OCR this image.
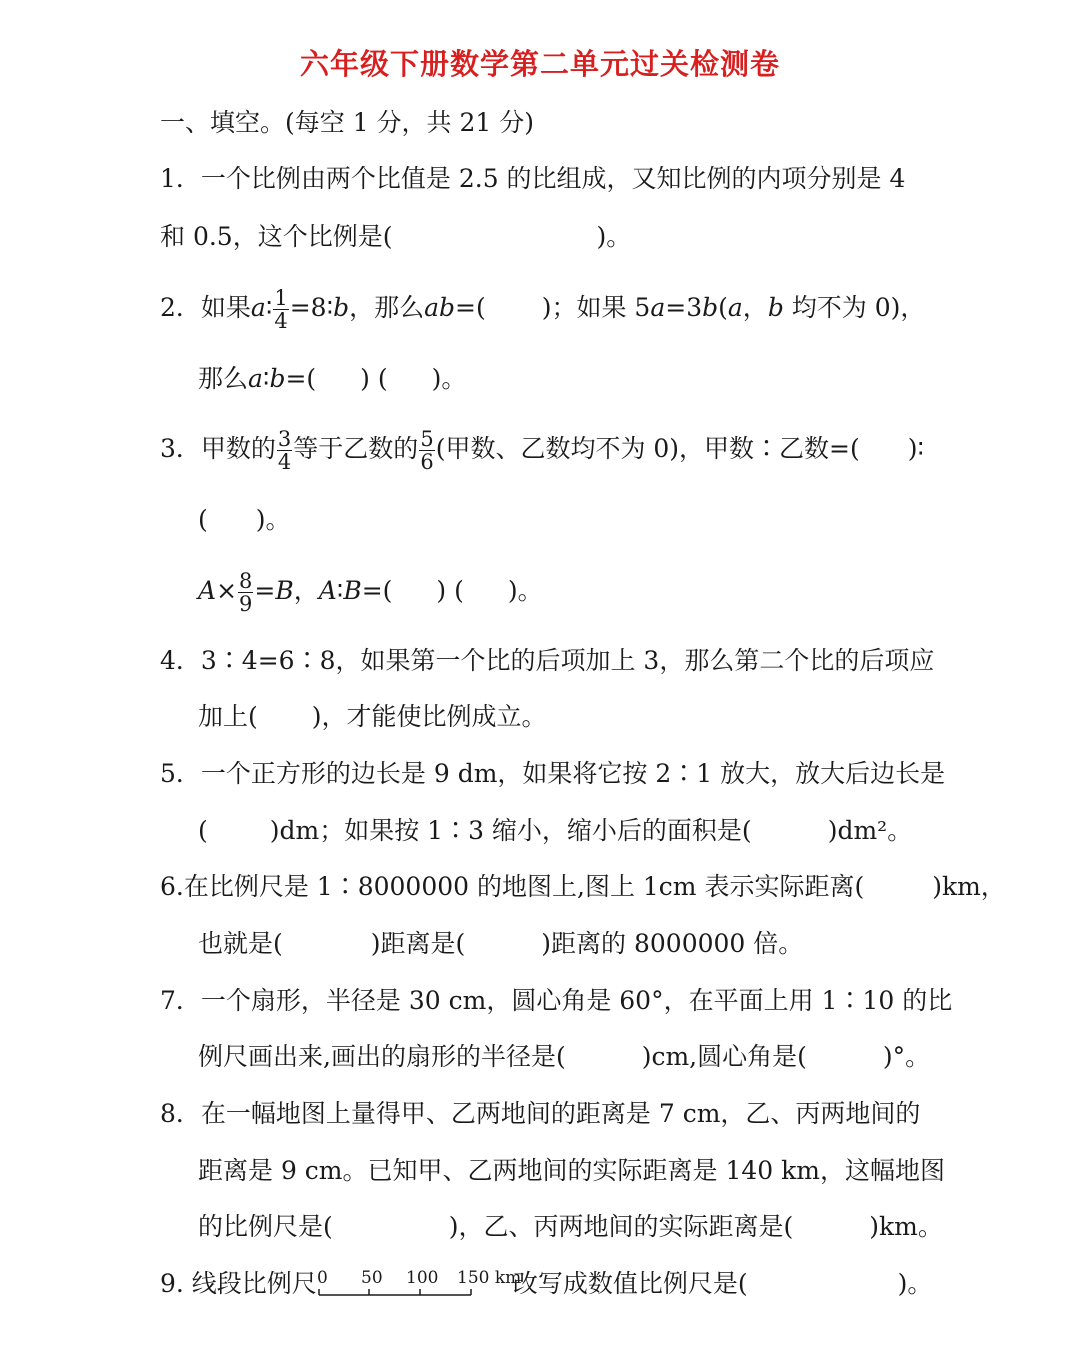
六年级下册数学第二单元过关检测卷
一、填空。(每空 1 分，共 21 分)
1．一个比例由两个比值是 2.5 的比组成，又知比例的内项分别是 4
和 0.5，这个比例是(	)。
2．如果a∶ $\frac{1}{4}$ =8∶b，那么ab=( )；如果 5a=3b(a，b 均不为 0)，
那么a∶b=( ) ( )。
3．甲数的 $\frac{3}{4}$ 等于乙数的 $\frac{5}{6}$ (甲数、乙数均不为 0)，甲数∶乙数=( )∶
( )。
$A\times \frac{8}{9} =B$，A∶B=( ) ( )。
4．3∶4=6∶8，如果第一个比的后项加上 3，那么第二个比的后项应
加上( )，才能使比例成立。
5．一个正方形的边长是 9 dm，如果将它按 2∶1 放大，放大后边长是
( )dm；如果按 1∶3 缩小，缩小后的面积是(	)dm²。
6.在比例尺是 1∶8000000 的地图上,图上 1cm 表示实际距离(	)km，
也就是(	)距离是(	)距离的 8000000 倍。
7．一个扇形，半径是 30 cm，圆心角是 60°，在平面上用 1∶10 的比
例尺画出来,画出的扇形的半径是(	)cm,圆心角是(	)°。
8．在一幅地图上量得甲、乙两地间的距离是 7 cm，乙、丙两地间的
距离是 9 cm。已知甲、乙两地间的实际距离是 140 km，这幅地图
的比例尺是(	)，乙、丙两地间的实际距离是(	)km。
9. 线段比例尺 0 50 100 150 km
改写成数值比例尺是(	)。
